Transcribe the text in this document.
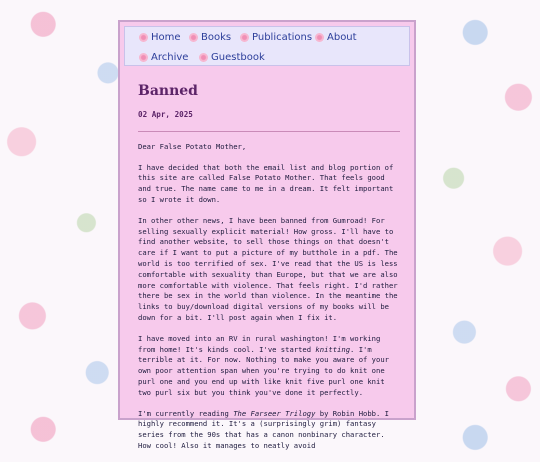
Home Books Publications About
Archive Guestbook
Banned
02 Apr, 2025

Dear False Potato Mother,

I have decided that both the email list and blog portion of this site are called False Potato Mother. That feels good and true. The name came to me in a dream. It felt important so I wrote it down.

In other other news, I have been banned from Gumroad! For selling sexually explicit material! How gross. I'll have to find another website, to sell those things on that doesn't care if I want to put a picture of my butthole in a pdf. The world is too terrified of sex. I've read that the US is less comfortable with sexuality than Europe, but that we are also more comfortable with violence. That feels right. I'd rather there be sex in the world than violence. In the meantime the links to buy/download digital versions of my books will be down for a bit. I'll post again when I fix it.

I have moved into an RV in rural washington! I'm working from home! It's kinds cool. I've started knitting. I'm terrible at it. For now. Nothing to make you aware of your own poor attention span when you're trying to do knit one purl one and you end up with like knit five purl one knit two purl six but you think you've done it perfectly.

I'm currently reading The Farseer Trilogy by Robin Hobb. I highly recommend it. It's a (surprisingly grim) fantasy series from the 90s that has a canon nonbinary character. How cool! Also it manages to neatly avoid
